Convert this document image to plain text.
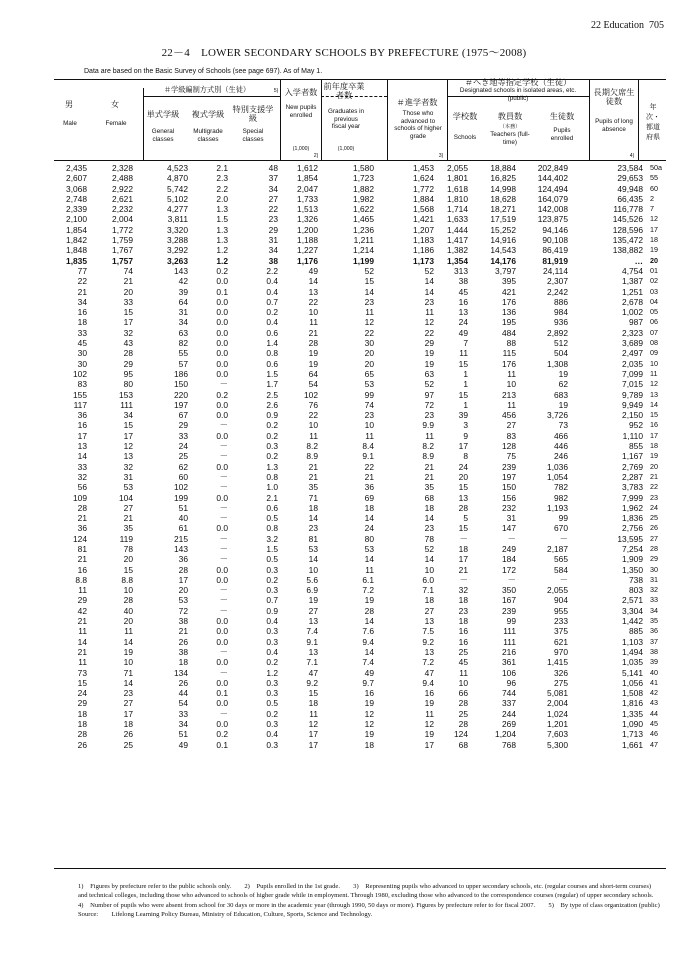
22 Education 705
22－4　LOWER SECONDARY SCHOOLS BY PREFECTURE (1975～2008)
Data are based on the Basic Survey of Schools (see page 697). As of May 1.
男
Male
女
Female
＃学級編制方式別（生徒）	5)
単式学級
General classes
複式学級
Multigrade classes
特別支援学級
Special classes
入学者数
New pupils enrolled
(1,000)
2)
前年度卒業者数
Graduates in previous fiscal year
(1,000)
＃進学者数
Those who advanced to schools of higher grade
3)
＃へき地等指定学校（生徒）
Designated schools in isolated areas, etc. (public)
学校数
Schools
教員数
（本務）
Teachers (full-time)
生徒数
Pupils enrolled
長期欠席生徒数
Pupils of long absence
4)
年次・都道府県
2,435	2,328	4,523	2.1	48	1,612	1,580	1,453	2,055	18,884	202,849	23,584	50a
2,607	2,488	4,870	2.3	37	1,854	1,723	1,624	1,801	16,825	144,402	29,653	55
3,068	2,922	5,742	2.2	34	2,047	1,882	1,772	1,618	14,998	124,494	49,948	60
2,748	2,621	5,102	2.0	27	1,733	1,982	1,884	1,810	18,628	164,079	66,435	2
2,339	2,232	4,277	1.3	22	1,513	1,622	1,568	1,714	18,271	142,008	116,778	7
2,100	2,004	3,811	1.5	23	1,326	1,465	1,421	1,633	17,519	123,875	145,526	12
1,854	1,772	3,320	1.3	29	1,200	1,236	1,207	1,444	15,252	94,146	128,596	17
1,842	1,759	3,288	1.3	31	1,188	1,211	1,183	1,417	14,916	90,108	135,472	18
1,848	1,767	3,292	1.2	34	1,227	1,214	1,186	1,382	14,543	86,419	138,882	19
1,835	1,757	3,263	1.2	38	1,176	1,199	1,173	1,354	14,176	81,919	…	20
77	74	143	0.2	2.2	49	52	52	313	3,797	24,114	4,754	01
22	21	42	0.0	0.4	14	15	14	38	395	2,307	1,387	02
21	20	39	0.1	0.4	13	14	14	45	421	2,242	1,251	03
34	33	64	0.0	0.7	22	23	23	16	176	886	2,678	04
16	15	31	0.0	0.2	10	11	11	13	136	984	1,002	05
18	17	34	0.0	0.4	11	12	12	24	195	936	987	06
33	32	63	0.0	0.6	21	22	22	49	484	2,892	2,323	07
45	43	82	0.0	1.4	28	30	29	7	88	512	3,689	08
30	28	55	0.0	0.8	19	20	19	11	115	504	2,497	09
30	29	57	0.0	0.6	19	20	19	15	176	1,308	2,035	10
102	95	186	0.0	1.5	64	65	63	1	11	19	7,099	11
83	80	150	－	1.7	54	53	52	1	10	62	7,015	12
155	153	220	0.2	2.5	102	99	97	15	213	683	9,789	13
117	111	197	0.0	2.6	76	74	72	1	11	19	9,949	14
36	34	67	0.0	0.9	22	23	23	39	456	3,726	2,150	15
16	15	29	－	0.2	10	10	9.9	3	27	73	952	16
17	17	33	0.0	0.2	11	11	11	9	83	466	1,110	17
13	12	24	－	0.3	8.2	8.4	8.2	17	128	446	855	18
14	13	25	－	0.2	8.9	9.1	8.9	8	75	246	1,167	19
33	32	62	0.0	1.3	21	22	21	24	239	1,036	2,769	20
32	31	60	－	0.8	21	21	21	20	197	1,054	2,287	21
56	53	102	－	1.0	35	36	35	15	150	782	3,783	22
109	104	199	0.0	2.1	71	69	68	13	156	982	7,999	23
28	27	51	－	0.6	18	18	18	28	232	1,193	1,962	24
21	21	40	－	0.5	14	14	14	5	31	99	1,836	25
36	35	61	0.0	0.8	23	24	23	15	147	670	2,756	26
124	119	215	－	3.2	81	80	78	－	－	－	13,595	27
81	78	143	－	1.5	53	53	52	18	249	2,187	7,254	28
21	20	36	－	0.5	14	14	14	17	184	565	1,909	29
16	15	28	0.0	0.3	10	11	10	21	172	584	1,350	30
8.8	8.8	17	0.0	0.2	5.6	6.1	6.0	－	－	－	738	31
11	10	20	－	0.3	6.9	7.2	7.1	32	350	2,055	803	32
29	28	53	－	0.7	19	19	18	18	167	904	2,571	33
42	40	72	－	0.9	27	28	27	23	239	955	3,304	34
21	20	38	0.0	0.4	13	14	13	18	99	233	1,442	35
11	11	21	0.0	0.3	7.4	7.6	7.5	16	111	375	885	36
14	14	26	0.0	0.3	9.1	9.4	9.2	16	111	621	1,103	37
21	19	38	－	0.4	13	14	13	25	216	970	1,494	38
11	10	18	0.0	0.2	7.1	7.4	7.2	45	361	1,415	1,035	39
73	71	134	－	1.2	47	49	47	11	106	326	5,141	40
15	14	26	0.0	0.3	9.2	9.7	9.4	10	96	275	1,056	41
24	23	44	0.1	0.3	15	16	16	66	744	5,081	1,508	42
29	27	54	0.0	0.5	18	19	19	28	337	2,004	1,816	43
18	17	33	－	0.2	11	12	11	25	244	1,024	1,335	44
18	18	34	0.0	0.3	12	12	12	28	269	1,201	1,090	45
28	26	51	0.2	0.4	17	19	19	124	1,204	7,603	1,713	46
26	25	49	0.1	0.3	17	18	17	68	768	5,300	1,661	47
1)　Figures by prefecture refer to the public schools only.　　2)　Pupils enrolled in the 1st grade.　　3)　Representing pupils who advanced to upper secondary schools, etc. (regular courses and short-term courses) and technical colleges, including those who advanced to schools of higher grade while in employment. Through 1980, excluding those who advanced to the correspondence courses (regular) of upper secondary schools.　　4)　Number of pupils who were absent from school for 30 days or more in the academic year (through 1990, 50 days or more). Figures by prefecture refer to for fiscal 2007.　　5)　By type of class organization (public)
Source:　　Lifelong Learning Policy Bureau, Ministry of Education, Culture, Sports, Science and Technology.
